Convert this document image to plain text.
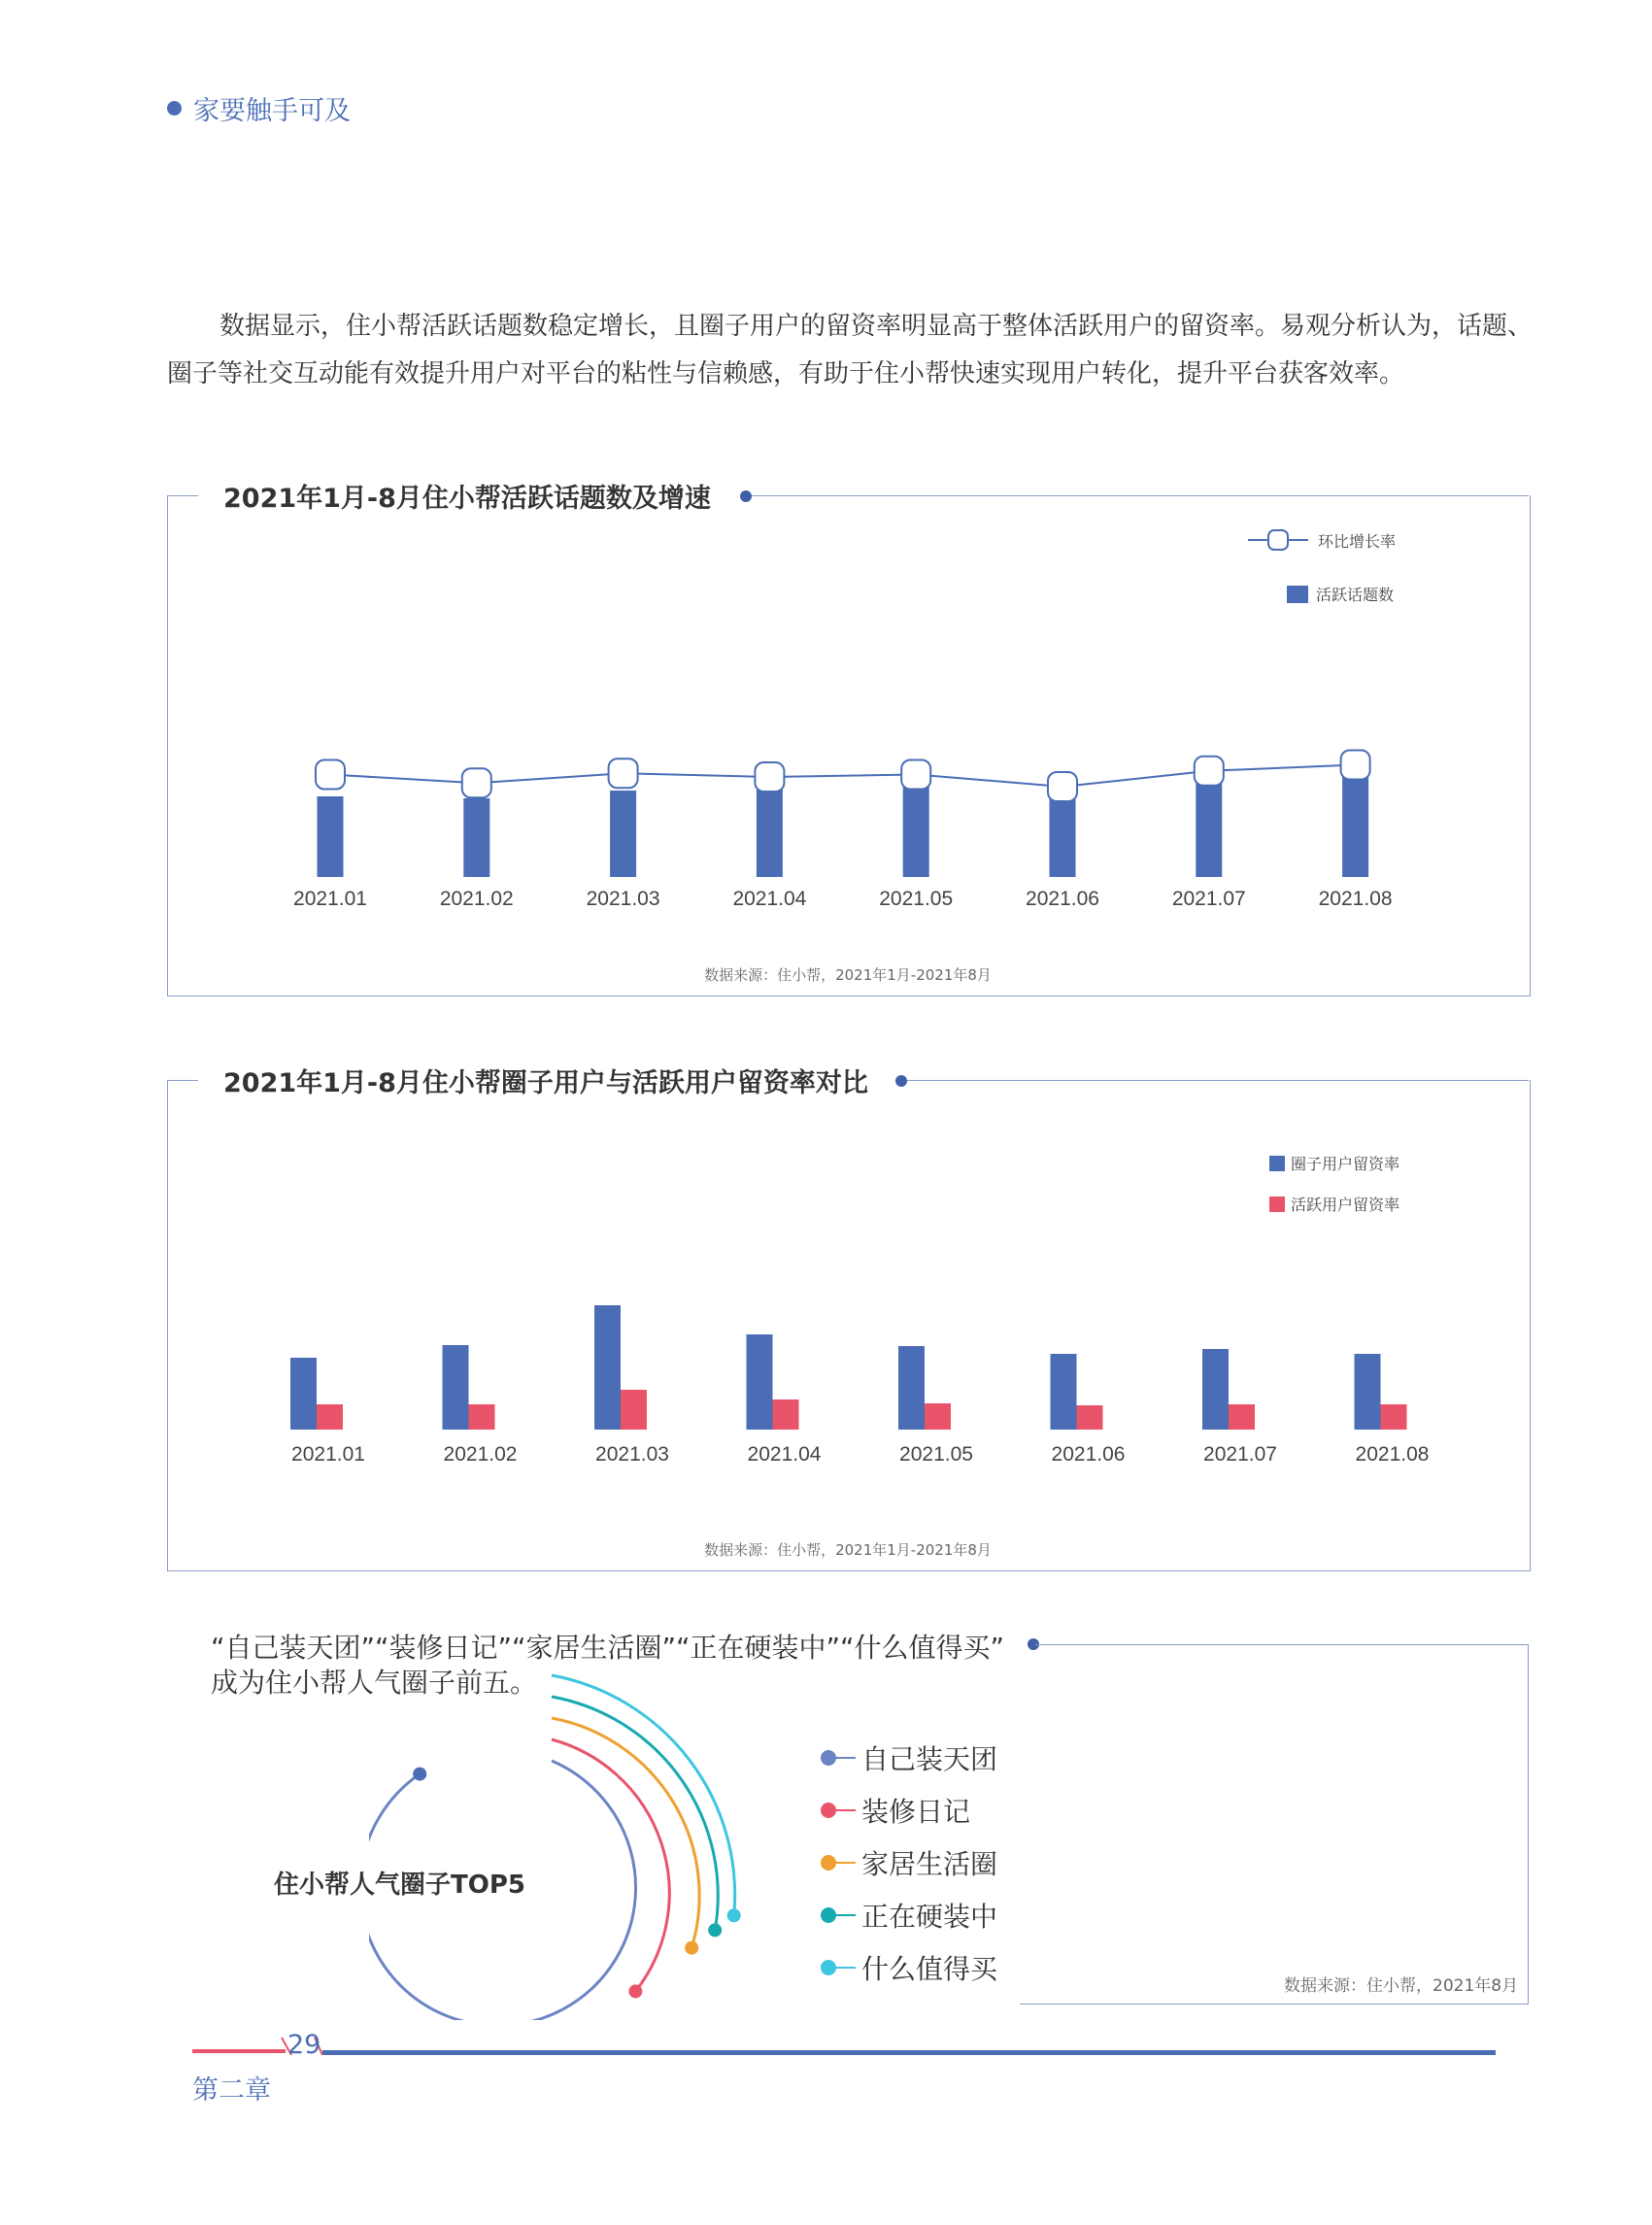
家要触手可及
数据显示，住小帮活跃话题数稳定增长，且圈子用户的留资率明显高于整体活跃用户的留资率。易观分析认为，话题、圈子等社交互动能有效提升用户对平台的粘性与信赖感，有助于住小帮快速实现用户转化，提升平台获客效率。
2021年1月-8月住小帮活跃话题数及增速
环比增长率
活跃话题数
2021.01	2021.02	2021.03	2021.04	2021.05	2021.06	2021.07	2021.08
数据来源：住小帮，2021年1月-2021年8月
2021年1月-8月住小帮圈子用户与活跃用户留资率对比
圈子用户留资率
活跃用户留资率
2021.01	2021.02	2021.03	2021.04	2021.05	2021.06	2021.07	2021.08
数据来源：住小帮，2021年1月-2021年8月
“自己装天团”“装修日记”“家居生活圈”“正在硬装中”“什么值得买”
成为住小帮人气圈子前五。
住小帮人气圈子TOP5
自己装天团
装修日记
家居生活圈
正在硬装中
什么值得买
数据来源：住小帮，2021年8月
29
第二章
